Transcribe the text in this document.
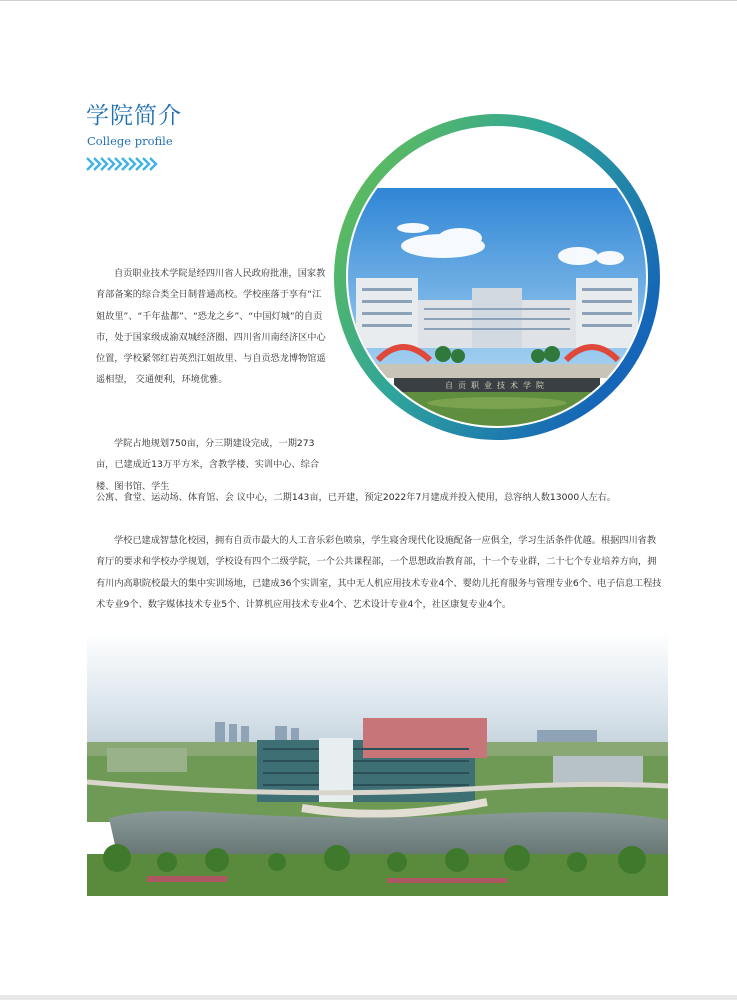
学院简介
College profile
自贡职业技术学院

自贡职业技术学院是经四川省人民政府批准，国家教育部备案的综合类全日制普通高校。学校座落于享有“江姐故里”、“千年盐都”、“恐龙之乡”、“中国灯城”的自贡市，处于国家级成渝双城经济圈、四川省川南经济区中心位置，学校紧邻红岩英烈江姐故里、与自贡恐龙博物馆遥遥相望， 交通便利，环境优雅。

学院占地规划750亩，分三期建设完成，一期273亩，已建成近13万平方米，含教学楼、实训中心、综合楼、图书馆、学生

公寓、食堂、运动场、体育馆、会 议中心，二期143亩，已开建，预定2022年7月建成并投入使用，总容纳人数13000人左右。

学校已建成智慧化校园，拥有自贡市最大的人工音乐彩色喷泉，学生寝舍现代化设施配备一应俱全，学习生活条件优越。根据四川省教育厅的要求和学校办学规划，学校设有四个二级学院，一个公共课程部，一个思想政治教育部，十一个专业群，二十七个专业培养方向，拥有川内高职院校最大的集中实训场地，已建成36个实训室，其中无人机应用技术专业4个、婴幼儿托育服务与管理专业6个、电子信息工程技术专业9个、数字媒体技术专业5个、计算机应用技术专业4个、艺术设计专业4个，社区康复专业4个。
